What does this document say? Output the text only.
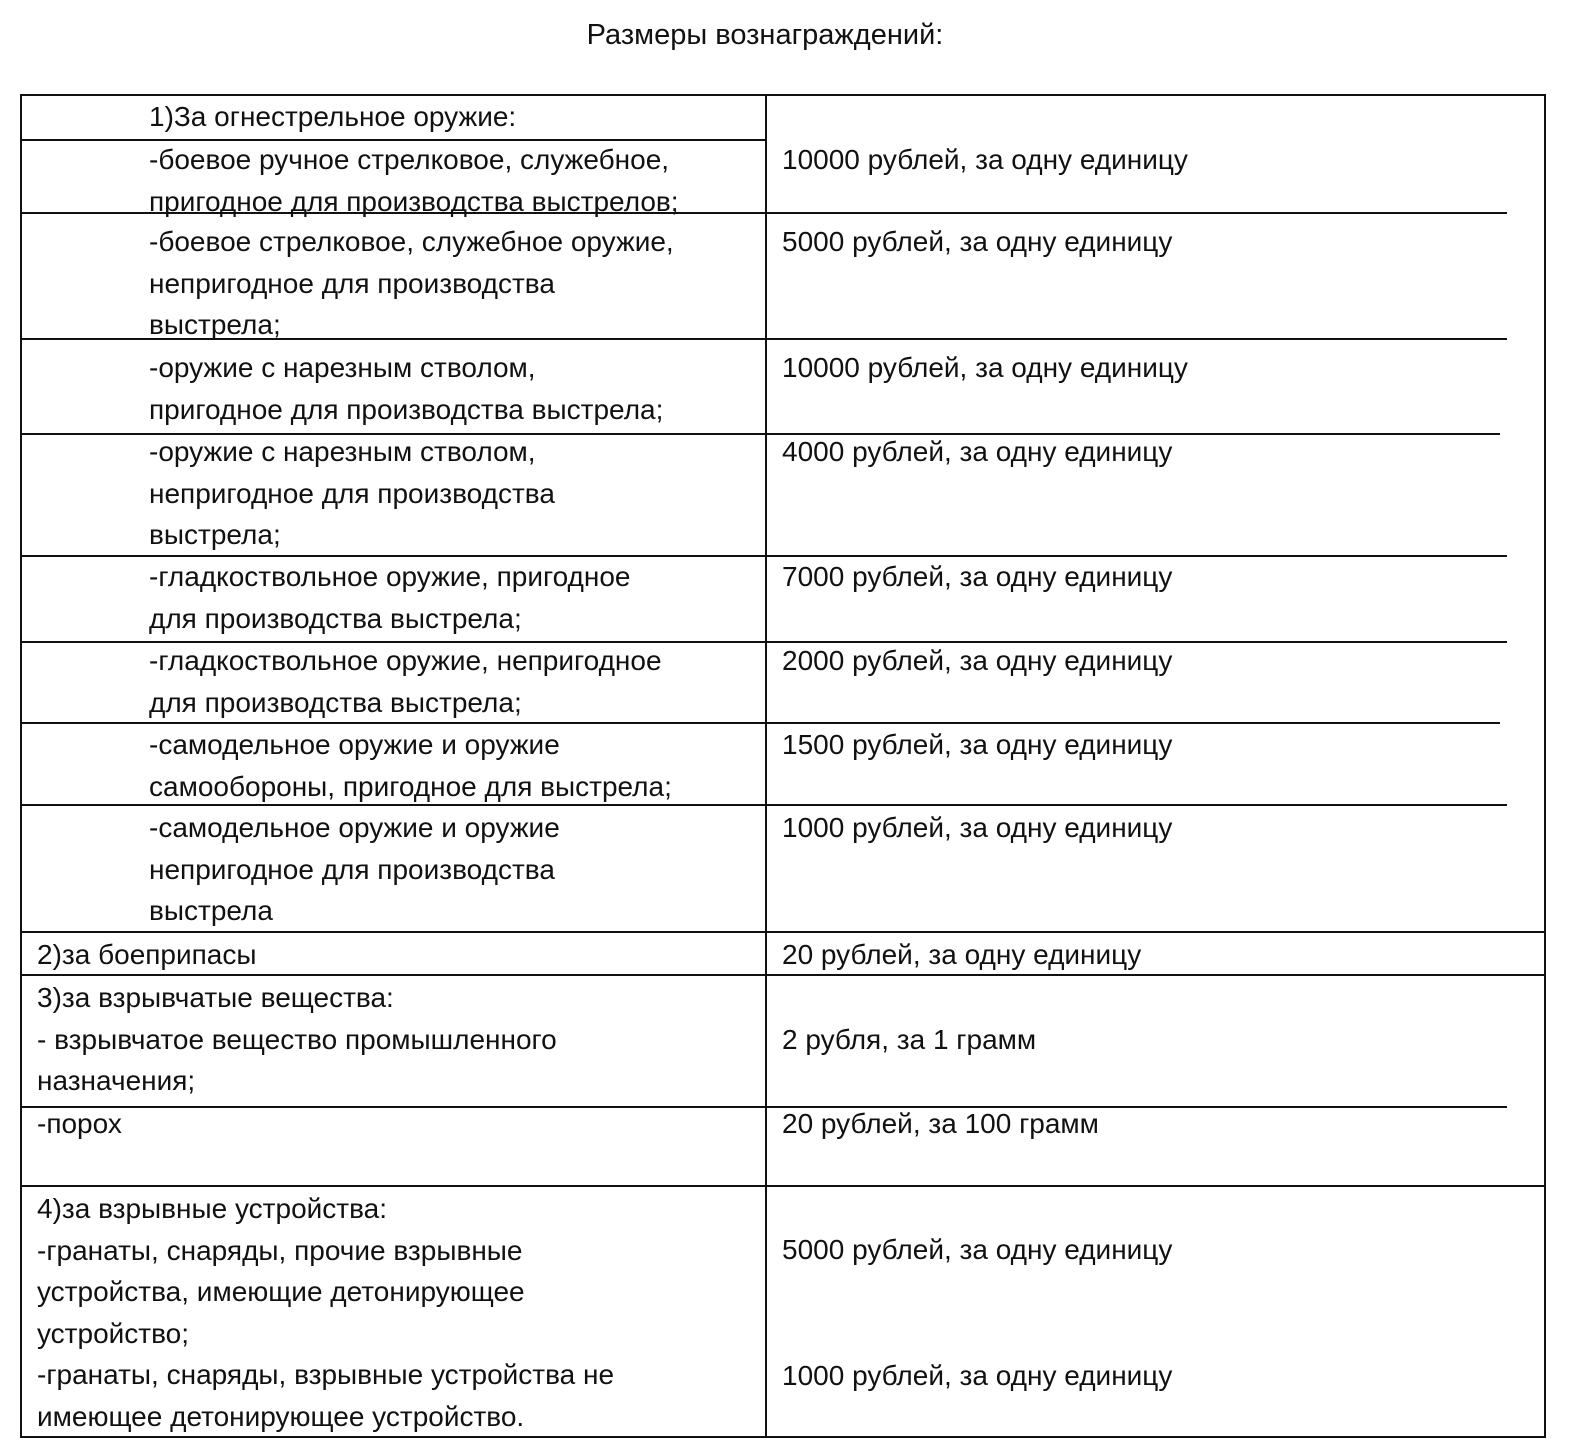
Размеры вознаграждений:
1)За огнестрельное оружие:
-боевое ручное стрелковое, служебное,
пригодное для производства выстрелов;
10000 рублей, за одну единицу
-боевое стрелковое, служебное оружие,
непригодное для производства
выстрела;
5000 рублей, за одну единицу
-оружие с нарезным стволом,
пригодное для производства выстрела;
10000 рублей, за одну единицу
-оружие с нарезным стволом,
непригодное для производства
выстрела;
4000 рублей, за одну единицу
-гладкоствольное оружие, пригодное
для производства выстрела;
7000 рублей, за одну единицу
-гладкоствольное оружие, непригодное
для производства выстрела;
2000 рублей, за одну единицу
-самодельное оружие и оружие
самообороны, пригодное для выстрела;
1500 рублей, за одну единицу
-самодельное оружие и оружие
непригодное для производства
выстрела
1000 рублей, за одну единицу
2)за боеприпасы	20 рублей, за одну единицу
3)за взрывчатые вещества:
- взрывчатое вещество промышленного
назначения;
2 рубля, за 1 грамм
-порох	20 рублей, за 100 грамм
4)за взрывные устройства:
-гранаты, снаряды, прочие взрывные
устройства, имеющие детонирующее
устройство;
-гранаты, снаряды, взрывные устройства не
имеющее детонирующее устройство.
5000 рублей, за одну единицу
1000 рублей, за одну единицу
